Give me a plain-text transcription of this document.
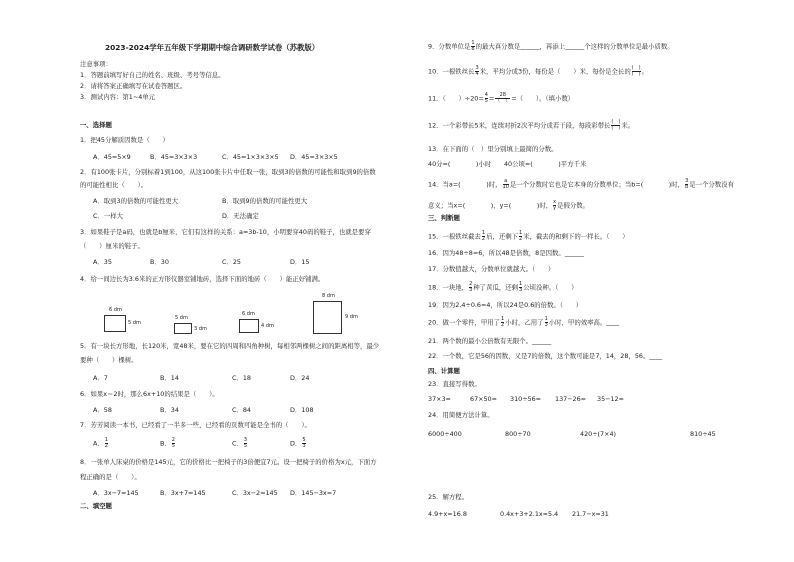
2023-2024学年五年级下学期期中综合调研数学试卷（苏教版）
注意事项：
1．答题前填写好自己的姓名、班级、考号等信息。
2．请将答案正确填写在试卷答题区。
3．测试内容：第1~4单元
一、选择题
1．把45分解质因数是（　　）
A．45=5×9	B．45=3×3×3	C．45=1×3×3×5 D．45=3×3×5
2．有100张卡片，分别标着1到100，从这100张卡片中任取一张，取到3的倍数的可能性和取到9的倍数
的可能性相比（　　）。
A．取到3的倍数的可能性更大	B．取到9的倍数的可能性更大
C．一样大	D．无法确定
3．如果鞋子是a码，也就是b厘米，它们有这样的关系：a=3b-10，小明要穿40码的鞋子，也就是要穿
（　　）厘米的鞋子。
A．35	B．30	C．25	D．15
4．给一间边长为3.6米的正方形仪器室铺地砖，选择下面的地砖（　　）能正好铺满。
6 dm
5 dm
5 dm
3 dm
6 dm
4 dm
8 dm
9 dm
5．有一块长方形地，长120米，宽48米，要在它的四周和四角种树，每相邻两棵树之间的距离相等，最少
要种（　　）棵树。
A．7	B．14	C．18	D．24
6．如果x＝2时，那么6x+10的结果是（　　）。
A．58	B．34	C．84	D．108
7．芳芳阅读一本书，已经看了一半多一些，已经看的页数可能是全书的（　　）。
A． $\frac{1}{2}$	B． $\frac{2}{5}$	C． $\frac{3}{5}$	D． $\frac{5}{3}$
8．一张单人床桌的价格是145元，它的价格比一把椅子的3倍便宜7元。设一把椅子的价格为x元，下面方
程正确的是（　　）。
A．3x−7=145	B．3x+7=145	C．3x−2=145 D．145−3x=7
二、填空题
9．分数单位是 $\frac{1}{8}$ 的最大真分数是______，再添上______个这样的分数单位是最小质数。
10．一根铁丝长 $\frac{3}{4}$ 米，平均分成3份，每份是（　　）米，每份是全长的 $\frac{( )}{( )}$ 。
11．（　　）$\div 20= \frac{4}{5} = \frac{28}{( )}$ =（　　）。（填小数）
12．一个彩带长5米，连续对折2次平均分成若干段，每段彩带长 $\frac{( )}{( )}$ 米。
13．在下面的（　）里分别填上最简的分数。
40分=(　　　　)小时　　40公顷=(　　　　)平方千米
14．当a=(　　　　)时， $\frac{a}{10}$ 是一个分数时它也是它本身的分数单位；当b=(　　　　)时， $\frac{3}{b}$ 是一个分数没有
意义；当x=(　　　　)，y=(　　　　)时， $\frac{x}{y}$ 是假分数。
三、判断题
15．一根铁丝截去 $\frac{1}{2}$ 后，还剩下 $\frac{1}{2}$ 米，截去的和剩下的一样长。（　　）
16．因为48÷8=6，所以48是倍数，8是因数。______
17．分数值越大，分数单位就越大。（　　）
18．一块地， $\frac{2}{3}$ 种了黄瓜，还剩 $\frac{1}{3}$ 公顷没种。（　　）
19．因为2.4÷0.6=4，所以24是0.6的倍数。（　　）
20．做一个零件，甲用了 $\frac{1}{2}$ 小时，乙用了 $\frac{1}{3}$ 小时，甲的效率高。____
21．两个数的最小公倍数有无限个。______
22．一个数，它是56的因数，又是7的倍数，这个数可能是7，14，28，56。____
四、计算题
23．直接写得数。
37×3=	67×50= 310÷56= 137−26= 35−12=
24．用简便方法计算。
6000÷400	800÷70	420÷(7×4)	810÷45
25．解方程。
4.9+x=16.8	0.4x+3+2.1x=5.4 21.7−x=31
